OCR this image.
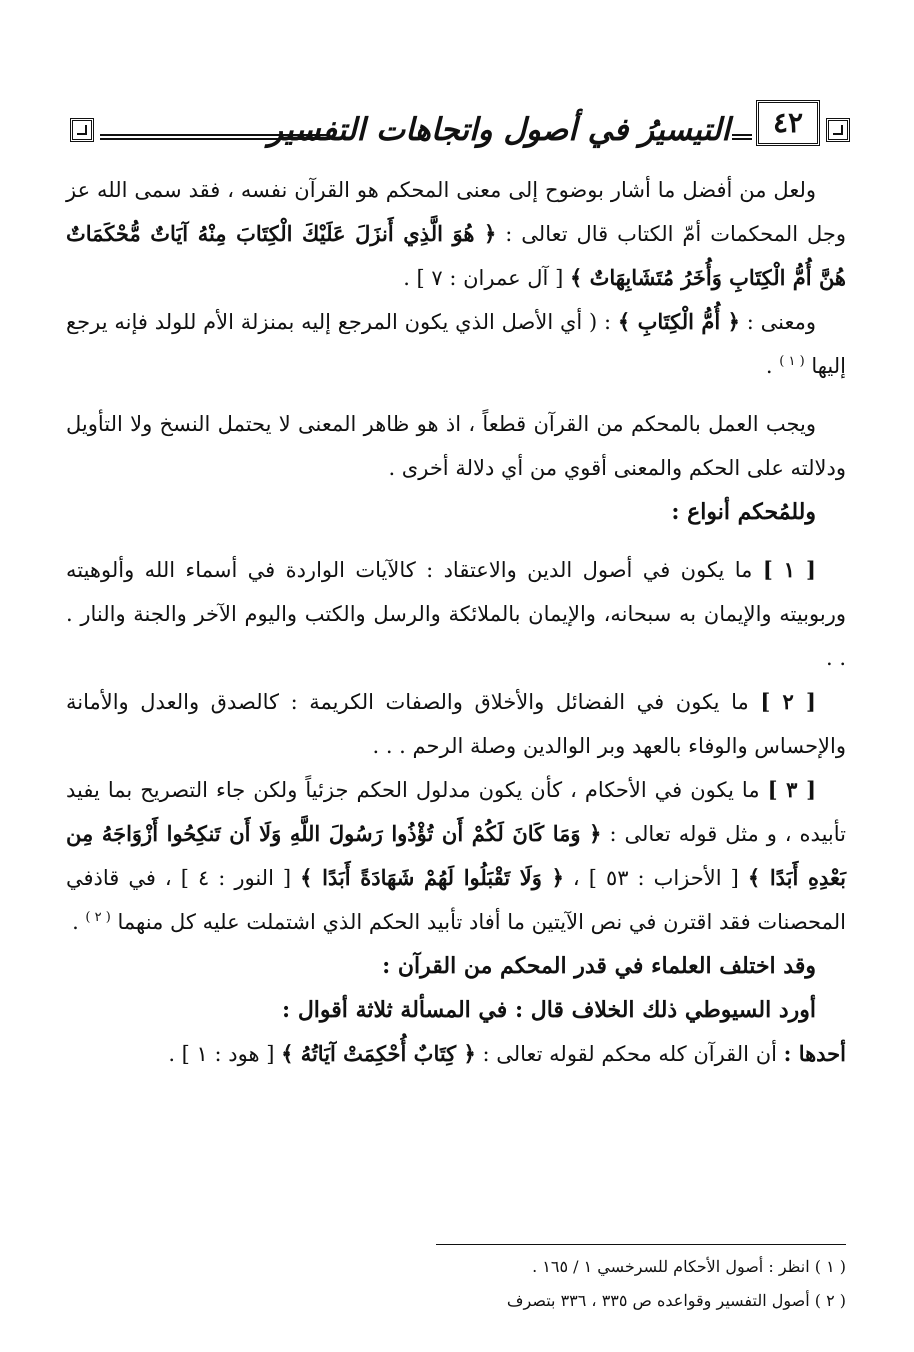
٤٢
التيسيرُ في أصول واتجاهات التفسير

ولعل من أفضل ما أشار بوضوح إلى معنى المحكم هو القرآن نفسه ، فقد سمى الله عز وجل المحكمات أمّ الكتاب قال تعالى : ﴿ هُوَ الَّذِي أَنزَلَ عَلَيْكَ الْكِتَابَ مِنْهُ آيَاتٌ مُّحْكَمَاتٌ هُنَّ أُمُّ الْكِتَابِ وَأُخَرُ مُتَشَابِهَاتٌ ﴾ [ آل عمران : ٧ ] .

ومعنى : ﴿ أُمُّ الْكِتَابِ ﴾ : ( أي الأصل الذي يكون المرجع إليه بمنزلة الأم للولد فإنه يرجع إليها $^{( ١ )}$ .

ويجب العمل بالمحكم من القرآن قطعاً ، اذ هو ظاهر المعنى لا يحتمل النسخ ولا التأويل ودلالته على الحكم والمعنى أقوي من أي دلالة أخرى .

وللمُحكم أنواع :

[ ١ ] ما يكون في أصول الدين والاعتقاد : كالآيات الواردة في أسماء الله وألوهيته وربوبيته والإيمان به سبحانه، والإيمان بالملائكة والرسل والكتب واليوم الآخر والجنة والنار . . .

[ ٢ ] ما يكون في الفضائل والأخلاق والصفات الكريمة : كالصدق والعدل والأمانة والإحساس والوفاء بالعهد وبر الوالدين وصلة الرحم . . .

[ ٣ ] ما يكون في الأحكام ، كأن يكون مدلول الحكم جزئياً ولكن جاء التصريح بما يفيد تأبيده ، و مثل قوله تعالى : ﴿ وَمَا كَانَ لَكُمْ أَن تُؤْذُوا رَسُولَ اللَّهِ وَلَا أَن تَنكِحُوا أَزْوَاجَهُ مِن بَعْدِهِ أَبَدًا ﴾ [ الأحزاب : ٥٣ ] ، ﴿ وَلَا تَقْبَلُوا لَهُمْ شَهَادَةً أَبَدًا ﴾ [ النور : ٤ ] ، في قاذفي المحصنات فقد اقترن في نص الآيتين ما أفاد تأبيد الحكم الذي اشتملت عليه كل منهما $^{( ٢ )}$ .

وقد اختلف العلماء في قدر المحكم من القرآن :

أورد السيوطي ذلك الخلاف قال : في المسألة ثلاثة أقوال :

أحدها : أن القرآن كله محكم لقوله تعالى : ﴿ كِتَابٌ أُحْكِمَتْ آيَاتُهُ ﴾ [ هود : ١ ] .

( ١ ) انظر : أصول الأحكام للسرخسي ١ / ١٦٥ .

( ٢ ) أصول التفسير وقواعده ص ٣٣٥ ، ٣٣٦ بتصرف
